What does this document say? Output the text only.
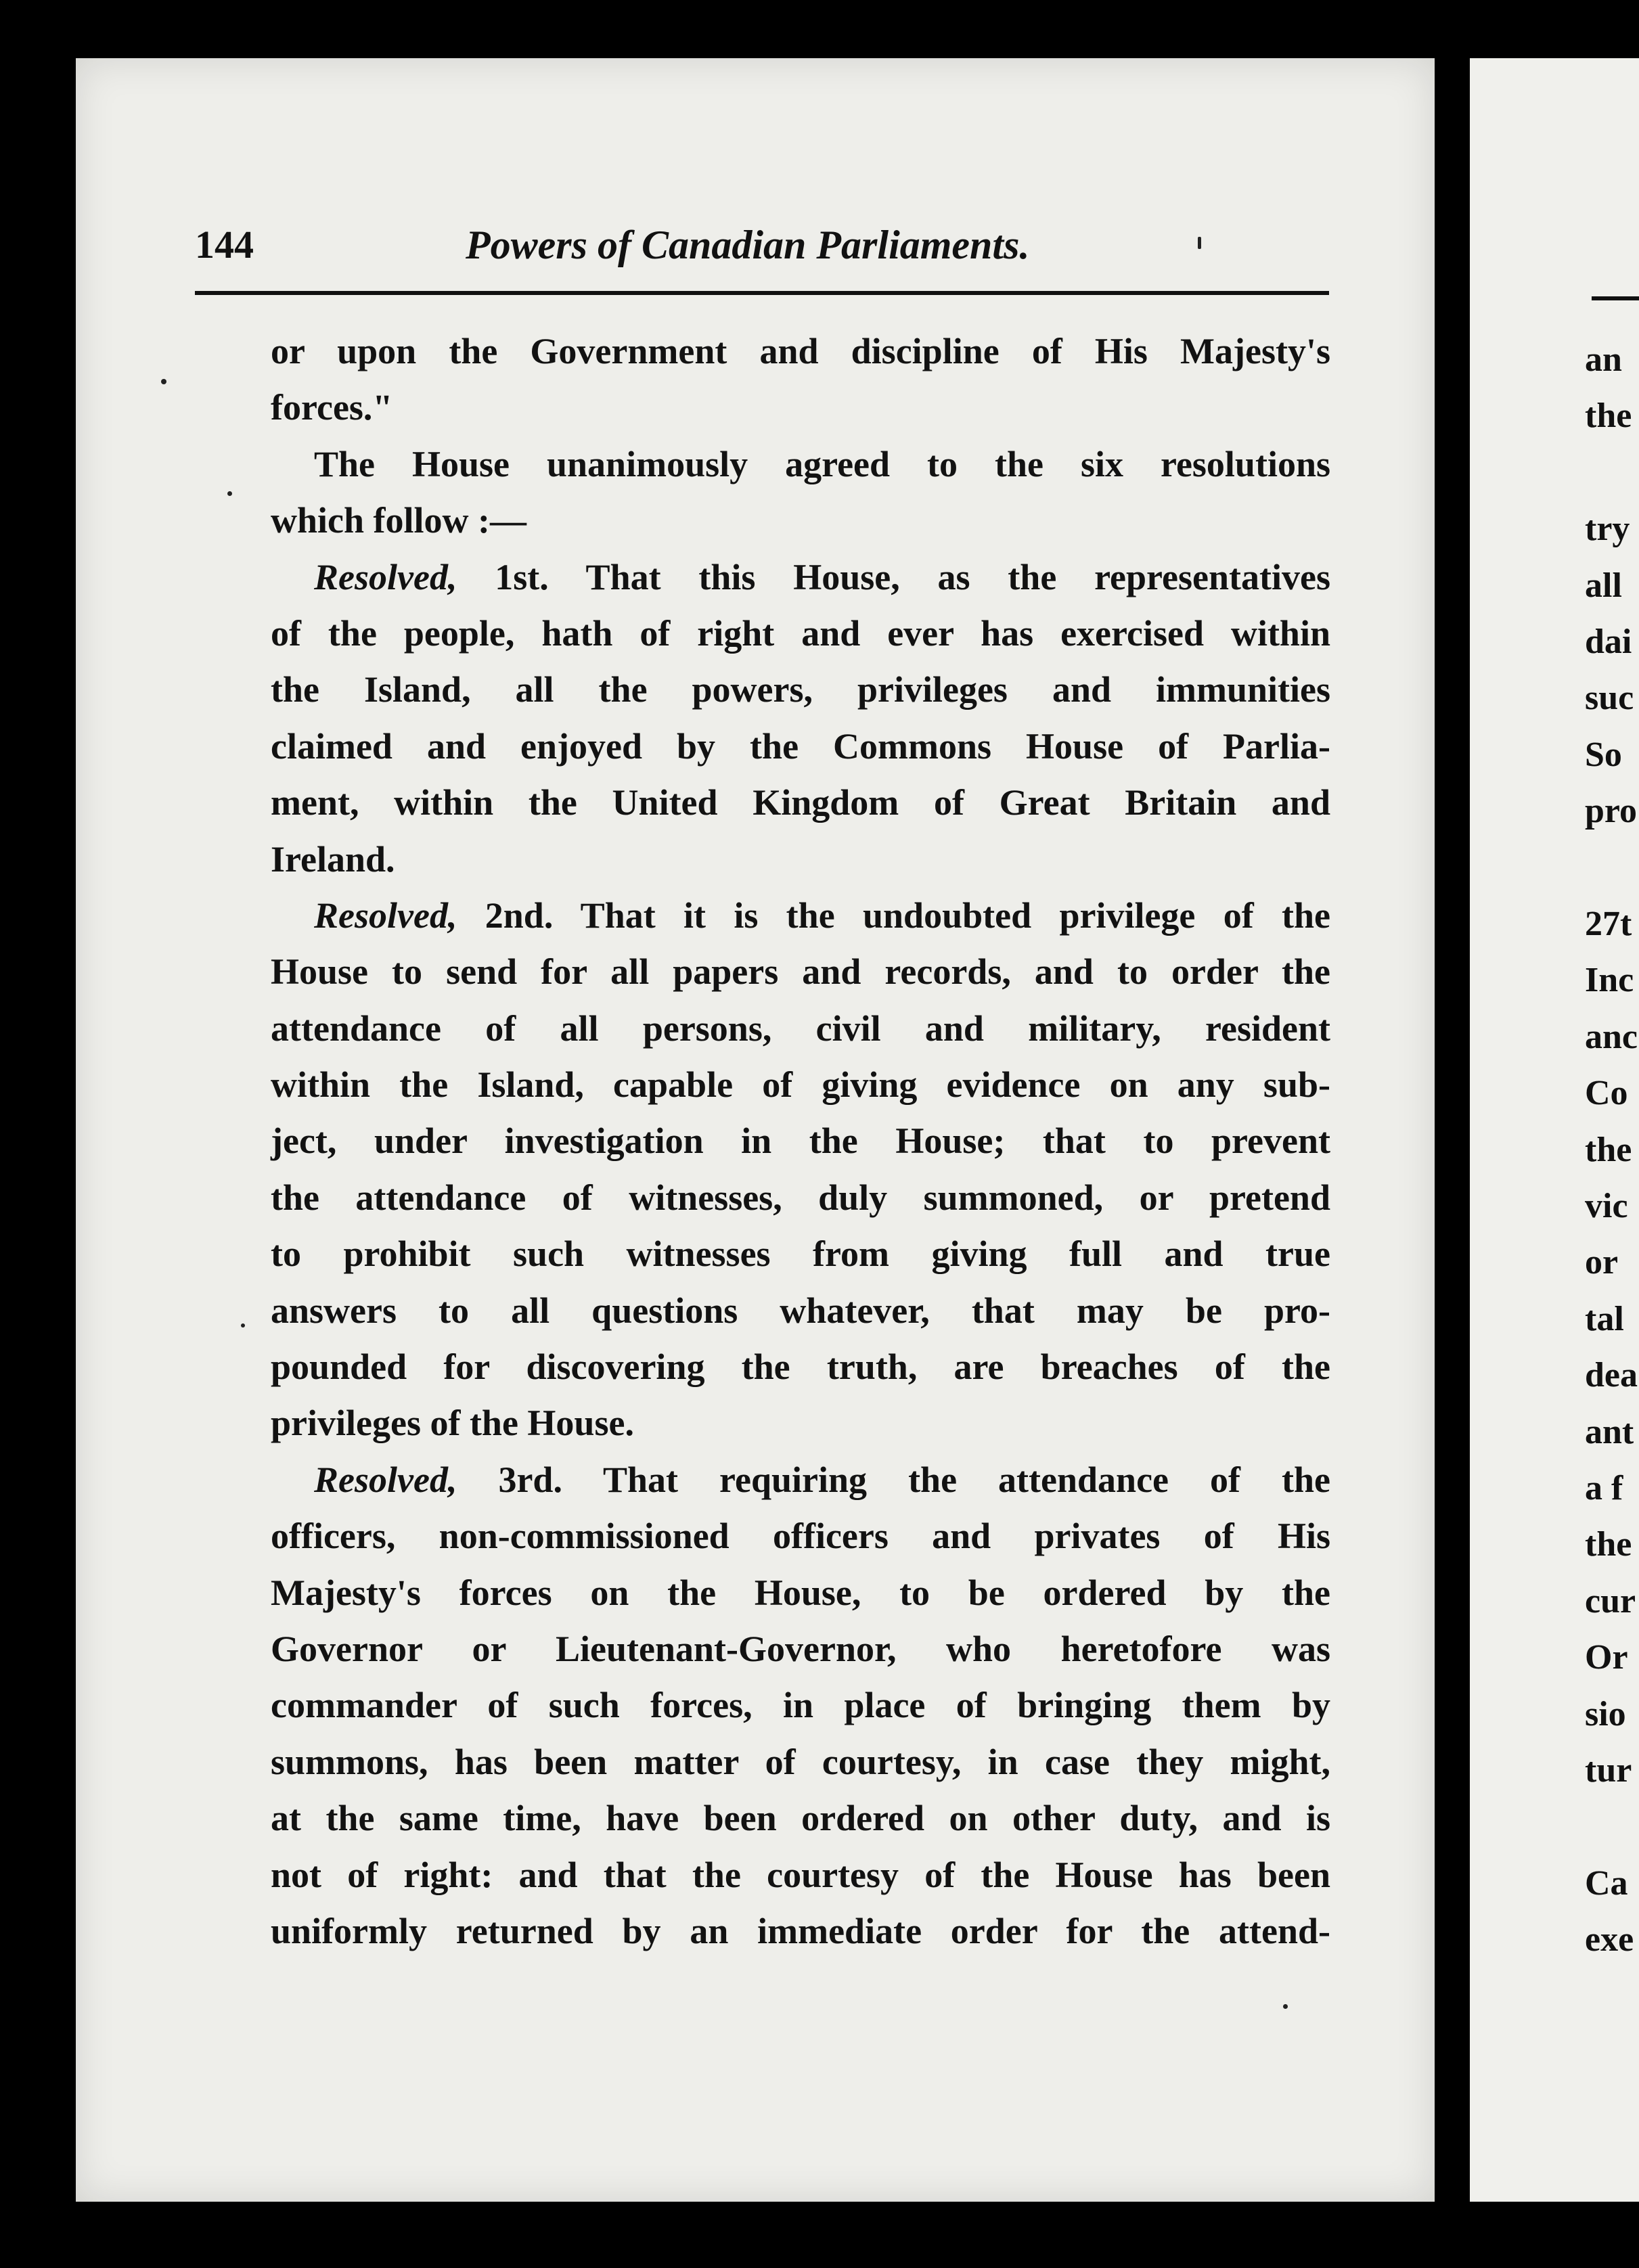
an
the
try
all
dai
suc
So
pro
27t
Inc
anc
Co
the
vic
or
tal
dea
ant
a f
the
cur
Or
sio
tur
Ca
exe
144	Powers of Canadian Parliaments.
or upon the Government and discipline of His Majesty's
forces."
The House unanimously agreed to the six resolutions
which follow :—
Resolved, 1st. That this House, as the representatives
of the people, hath of right and ever has exercised within
the Island, all the powers, privileges and immunities
claimed and enjoyed by the Commons House of Parlia-
ment, within the United Kingdom of Great Britain and
Ireland.
Resolved, 2nd. That it is the undoubted privilege of the
House to send for all papers and records, and to order the
attendance of all persons, civil and military, resident
within the Island, capable of giving evidence on any sub-
ject, under investigation in the House; that to prevent
the attendance of witnesses, duly summoned, or pretend
to prohibit such witnesses from giving full and true
answers to all questions whatever, that may be pro-
pounded for discovering the truth, are breaches of the
privileges of the House.
Resolved, 3rd. That requiring the attendance of the
officers, non-commissioned officers and privates of His
Majesty's forces on the House, to be ordered by the
Governor or Lieutenant-Governor, who heretofore was
commander of such forces, in place of bringing them by
summons, has been matter of courtesy, in case they might,
at the same time, have been ordered on other duty, and is
not of right: and that the courtesy of the House has been
uniformly returned by an immediate order for the attend-
